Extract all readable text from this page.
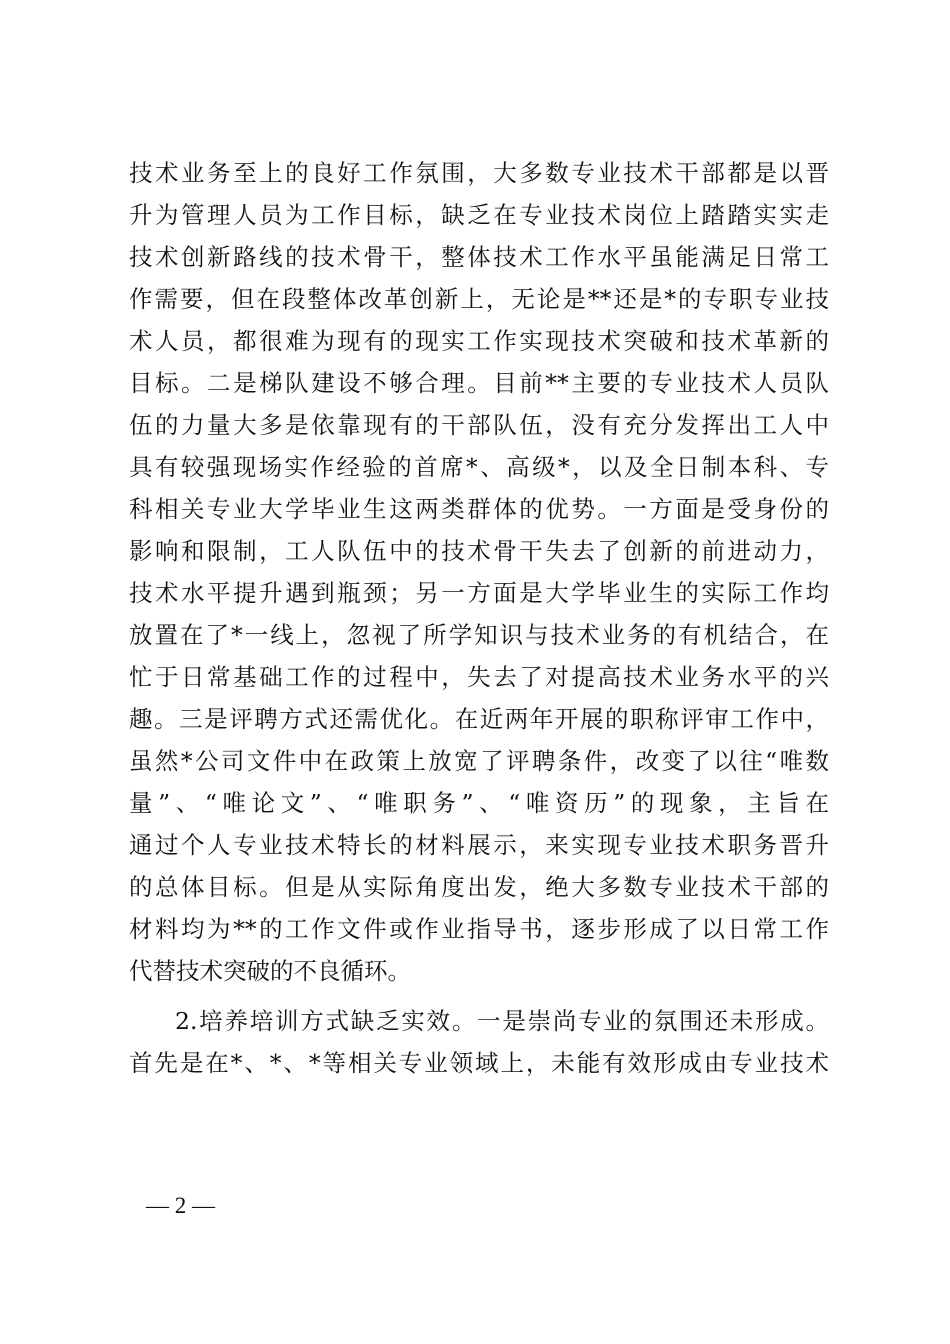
技术业务至上的良好工作氛围，大多数专业技术干部都是以晋
升为管理人员为工作目标，缺乏在专业技术岗位上踏踏实实走
技术创新路线的技术骨干，整体技术工作水平虽能满足日常工
作需要，但在段整体改革创新上，无论是**还是*的专职专业技
术人员，都很难为现有的现实工作实现技术突破和技术革新的
目标。二是梯队建设不够合理。目前**主要的专业技术人员队
伍的力量大多是依靠现有的干部队伍，没有充分发挥出工人中
具有较强现场实作经验的首席*、高级*，以及全日制本科、专
科相关专业大学毕业生这两类群体的优势。一方面是受身份的
影响和限制，工人队伍中的技术骨干失去了创新的前进动力，
技术水平提升遇到瓶颈；另一方面是大学毕业生的实际工作均
放置在了*一线上，忽视了所学知识与技术业务的有机结合，在
忙于日常基础工作的过程中，失去了对提高技术业务水平的兴
趣。三是评聘方式还需优化。在近两年开展的职称评审工作中，
虽然*公司文件中在政策上放宽了评聘条件，改变了以往“唯数
量”、“唯论文”、“唯职务”、“唯资历”的现象，主旨在
通过个人专业技术特长的材料展示，来实现专业技术职务晋升
的总体目标。但是从实际角度出发，绝大多数专业技术干部的
材料均为**的工作文件或作业指导书，逐步形成了以日常工作
代替技术突破的不良循环。
2.培养培训方式缺乏实效。一是崇尚专业的氛围还未形成。
首先是在*、*、*等相关专业领域上，未能有效形成由专业技术
— 2 —
